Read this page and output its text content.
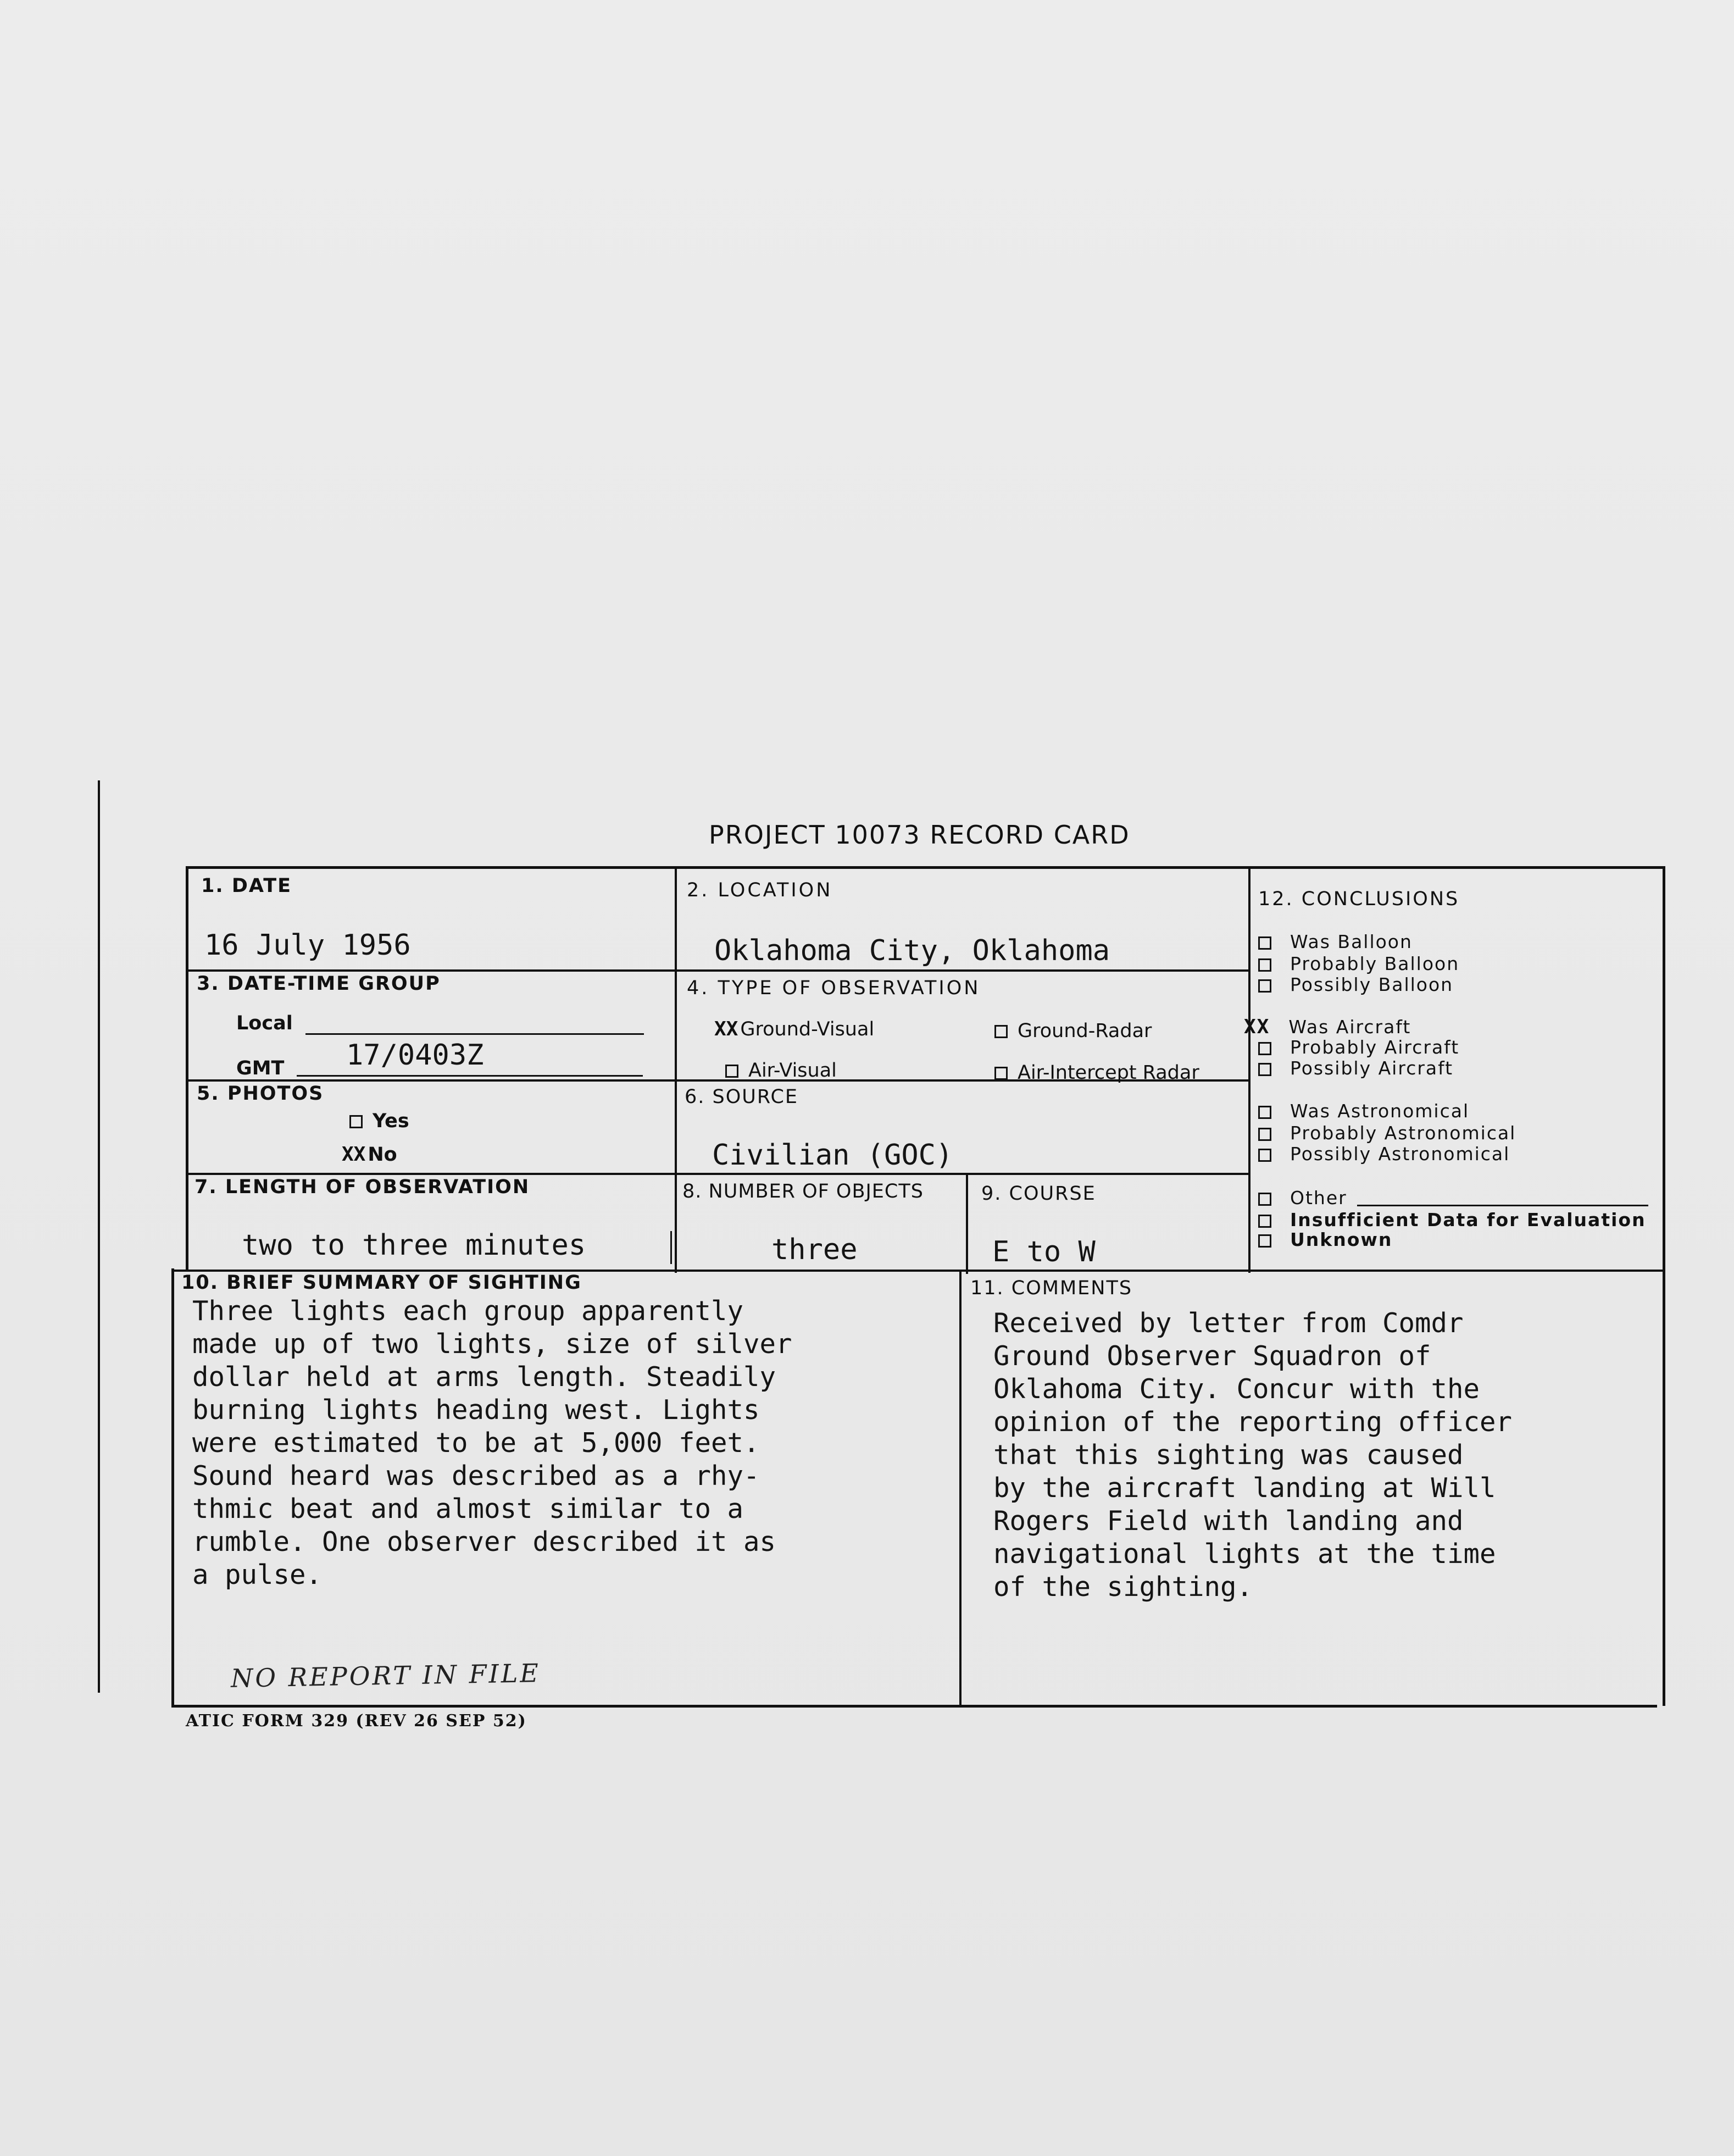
PROJECT 10073 RECORD CARD
1. DATE
16 July 1956
2. LOCATION
Oklahoma City, Oklahoma
3. DATE-TIME GROUP
Local
GMT 17/0403Z
4. TYPE OF OBSERVATION
XX Ground-Visual	Ground-Radar
Air-Visual	Air-Intercept Radar
5. PHOTOS
Yes
XX No
6. SOURCE
Civilian (GOC)
7. LENGTH OF OBSERVATION
two to three minutes
8. NUMBER OF OBJECTS
three
9. COURSE
E to W
12. CONCLUSIONS
Was Balloon
Probably Balloon
Possibly Balloon
XX Was Aircraft
Probably Aircraft
Possibly Aircraft
Was Astronomical
Probably Astronomical
Possibly Astronomical
Other
Insufficient Data for Evaluation
Unknown
10. BRIEF SUMMARY OF SIGHTING
Three lights each group apparently
made up of two lights, size of silver
dollar held at arms length. Steadily
burning lights heading west. Lights
were estimated to be at 5,000 feet.
Sound heard was described as a rhy-
thmic beat and almost similar to a
rumble. One observer described it as
a pulse.
NO REPORT IN FILE
11. COMMENTS
Received by letter from Comdr
Ground Observer Squadron of
Oklahoma City. Concur with the
opinion of the reporting officer
that this sighting was caused
by the aircraft landing at Will
Rogers Field with landing and
navigational lights at the time
of the sighting.
ATIC FORM 329 (REV 26 SEP 52)
